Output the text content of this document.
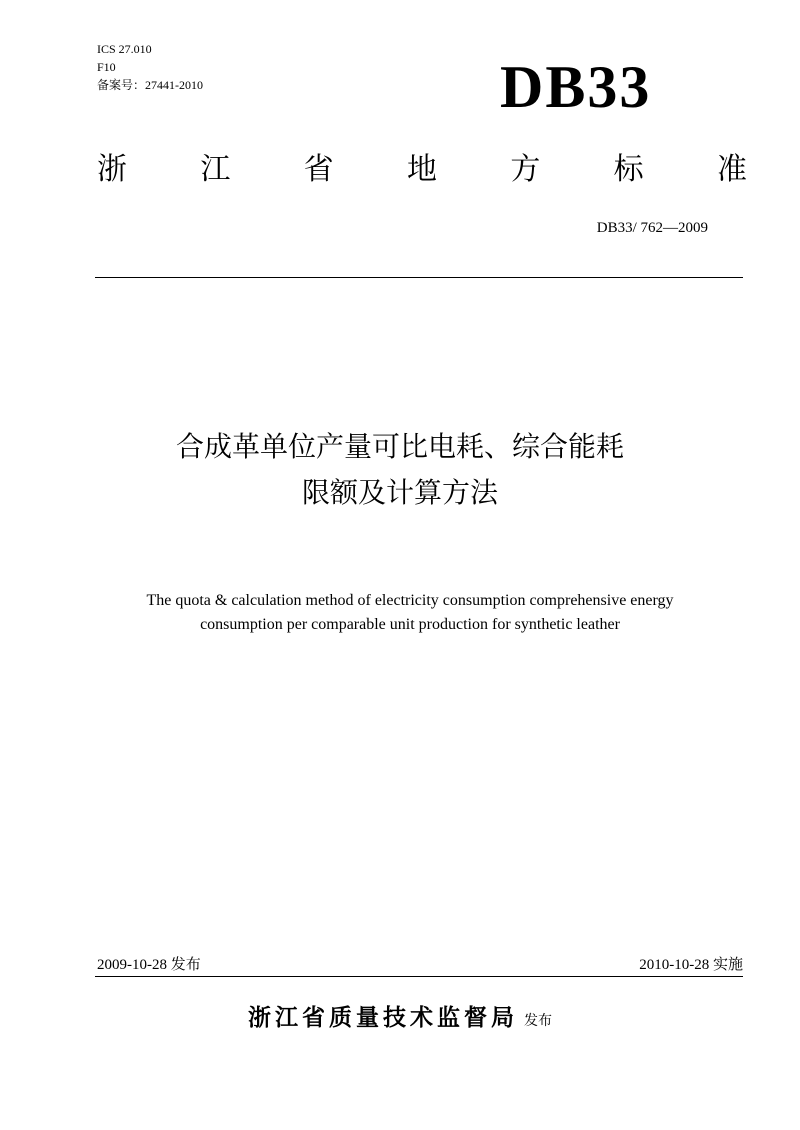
ICS 27.010
F10
备案号：27441-2010	DB33
浙 江 省 地 方 标 准
DB33/ 762—2009
合成革单位产量可比电耗、综合能耗
限额及计算方法
The quota & calculation method of electricity consumption comprehensive energy
consumption per comparable unit production for synthetic leather
2009-10-28 发布	2010-10-28 实施
浙江省质量技术监督局 发布
